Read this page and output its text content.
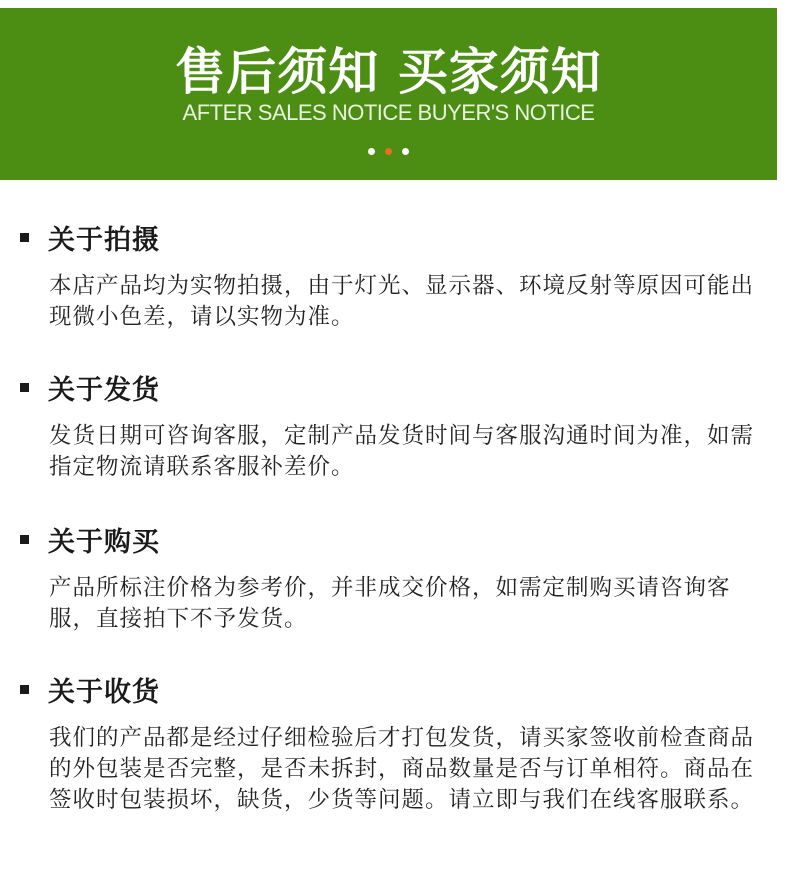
售后须知 买家须知
AFTER SALES NOTICE BUYER'S NOTICE
关于拍摄
本店产品均为实物拍摄，由于灯光、显示器、环境反射等原因可能出现微小色差，请以实物为准。
关于发货
发货日期可咨询客服，定制产品发货时间与客服沟通时间为准，如需指定物流请联系客服补差价。
关于购买
产品所标注价格为参考价，并非成交价格，如需定制购买请咨询客服，直接拍下不予发货。
关于收货
我们的产品都是经过仔细检验后才打包发货，请买家签收前检查商品的外包装是否完整，是否未拆封，商品数量是否与订单相符。商品在签收时包装损坏，缺货，少货等问题。请立即与我们在线客服联系。
